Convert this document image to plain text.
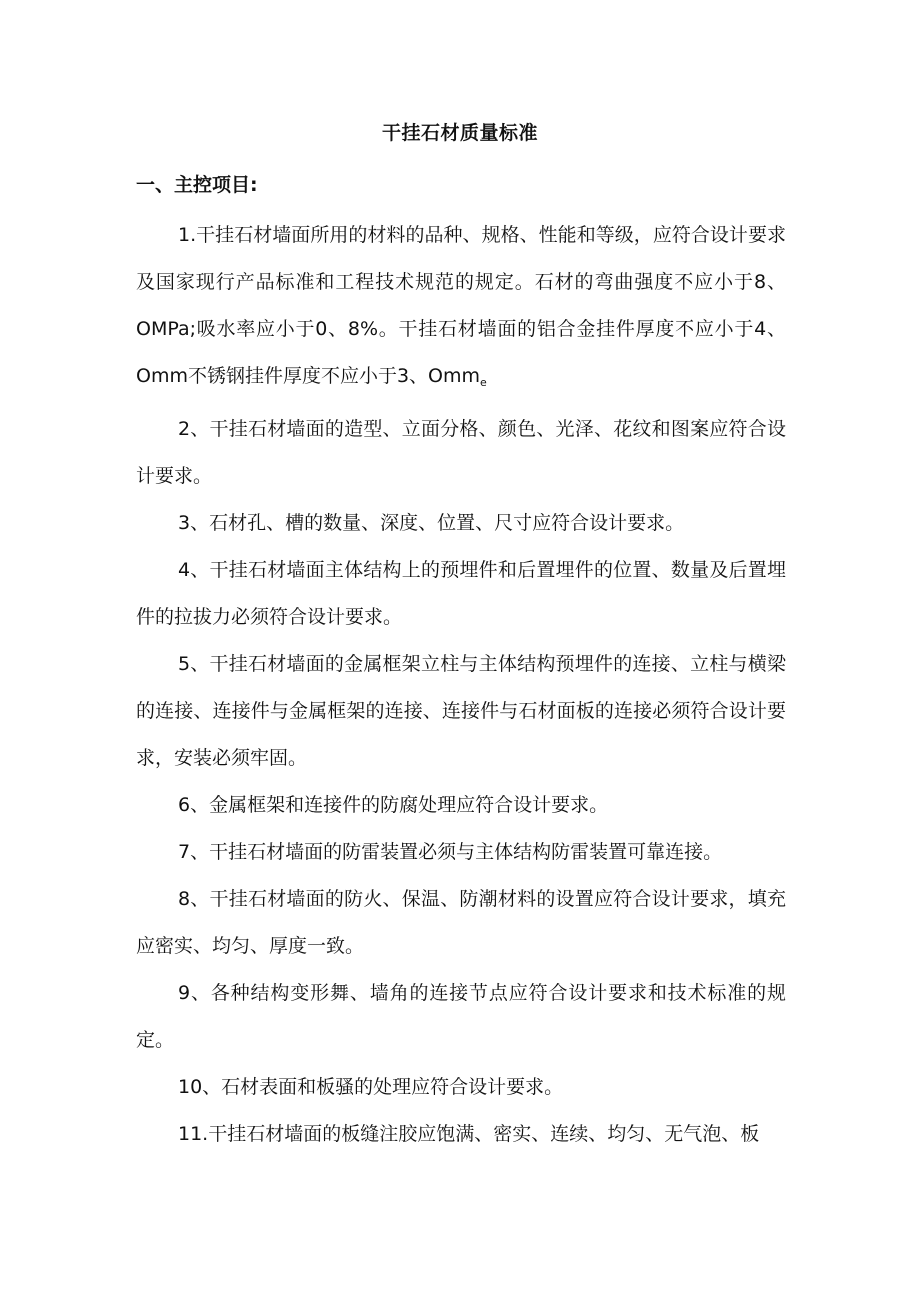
干挂石材质量标准
一、主控项目:

1.干挂石材墙面所用的材料的品种、规格、性能和等级，应符合设计要求及国家现行产品标准和工程技术规范的规定。石材的弯曲强度不应小于8、OMPa;吸水率应小于0、8%。干挂石材墙面的铝合金挂件厚度不应小于4、Omm不锈钢挂件厚度不应小于3、Omm$_e$

2、干挂石材墙面的造型、立面分格、颜色、光泽、花纹和图案应符合设计要求。

3、石材孔、槽的数量、深度、位置、尺寸应符合设计要求。

4、干挂石材墙面主体结构上的预埋件和后置埋件的位置、数量及后置埋件的拉拔力必须符合设计要求。

5、干挂石材墙面的金属框架立柱与主体结构预埋件的连接、立柱与横梁的连接、连接件与金属框架的连接、连接件与石材面板的连接必须符合设计要求，安装必须牢固。

6、金属框架和连接件的防腐处理应符合设计要求。

7、干挂石材墙面的防雷装置必须与主体结构防雷装置可靠连接。

8、干挂石材墙面的防火、保温、防潮材料的设置应符合设计要求，填充应密实、均匀、厚度一致。

9、各种结构变形舞、墙角的连接节点应符合设计要求和技术标准的规定。

10、石材表面和板骚的处理应符合设计要求。

11.干挂石材墙面的板缝注胶应饱满、密实、连续、均匀、无气泡、板
